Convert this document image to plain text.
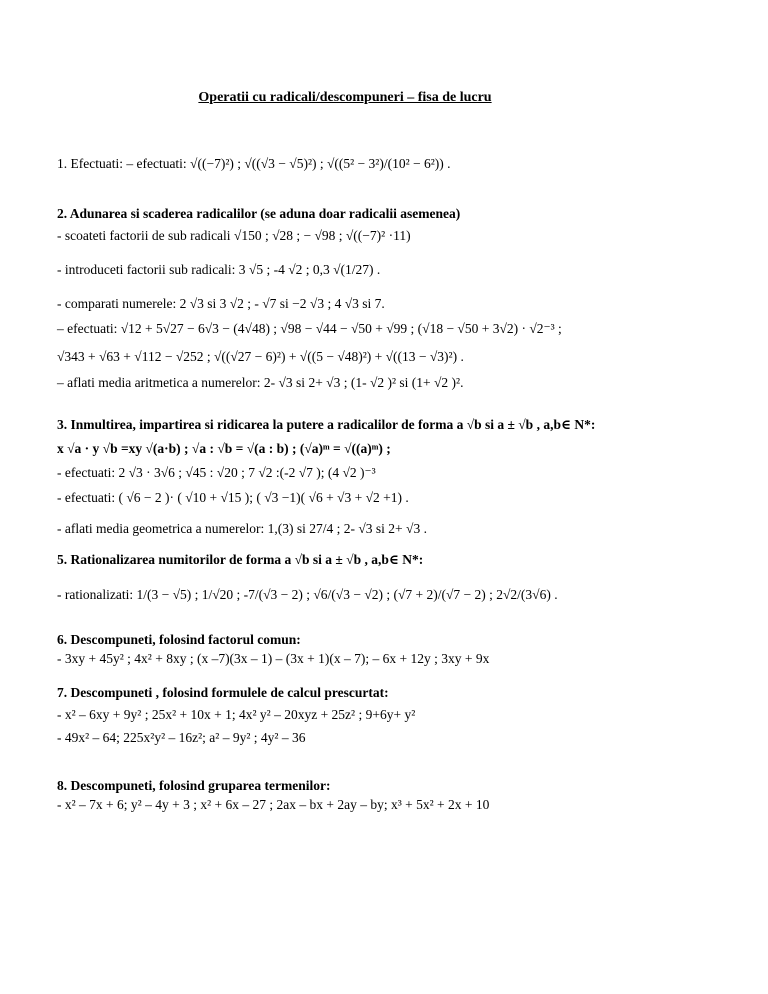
Operatii cu radicali/descompuneri – fisa de lucru
1. Efectuati: – efectuati: √((−7)²) ; √((√3 − √5)²) ; √((5² − 3²)/(10² − 6²)) .
2. Adunarea si scaderea radicalilor (se aduna doar radicalii asemenea)
- scoateti factorii de sub radicali √150 ; √28 ; − √98 ; √((−7)² ·11)
- introduceti factorii sub radicali: 3 √5 ; -4 √2 ; 0,3 √(1/27) .
- comparati numerele: 2 √3 si 3 √2 ; - √7 si −2 √3 ; 4 √3 si 7.
– efectuati: √12 + 5√27 − 6√3 − (4√48) ; √98 − √44 − √50 + √99 ; (√18 − √50 + 3√2) · √2⁻³ ;
√343 + √63 + √112 − √252 ; √((√27 − 6)²) + √((5 − √48)²) + √((13 − √3)²) .
– aflati media aritmetica a numerelor: 2- √3 si 2+ √3 ; (1- √2 )² si (1+ √2 )².
3. Inmultirea, impartirea si ridicarea la putere a radicalilor de forma a √b si a ± √b , a,b∈ N*:
x √a · y √b =xy √(a·b) ; √a : √b = √(a : b) ; (√a)ᵐ = √((a)ᵐ) ;
- efectuati: 2 √3 · 3√6 ; √45 : √20 ; 7 √2 :(-2 √7 ); (4 √2 )⁻³
- efectuati: ( √6 − 2 )· ( √10 + √15 ); ( √3 −1)( √6 + √3 + √2 +1) .
- aflati media geometrica a numerelor: 1,(3) si 27/4 ; 2- √3 si 2+ √3 .
5. Rationalizarea numitorilor de forma a √b si a ± √b , a,b∈ N*:
- rationalizati: 1/(3 − √5) ; 1/√20 ; -7/(√3 − 2) ; √6/(√3 − √2) ; (√7 + 2)/(√7 − 2) ; 2√2/(3√6) .
6. Descompuneti, folosind factorul comun:
- 3xy + 45y² ; 4x² + 8xy ; (x –7)(3x – 1) – (3x + 1)(x – 7); – 6x + 12y ; 3xy + 9x
7. Descompuneti , folosind formulele de calcul prescurtat:
- x² – 6xy + 9y² ; 25x² + 10x + 1; 4x² y² – 20xyz + 25z² ; 9+6y+ y²
- 49x² – 64; 225x²y² – 16z²; a² – 9y² ; 4y² – 36
8. Descompuneti, folosind gruparea termenilor:
- x² – 7x + 6; y² – 4y + 3 ; x² + 6x – 27 ; 2ax – bx + 2ay – by; x³ + 5x² + 2x + 10
